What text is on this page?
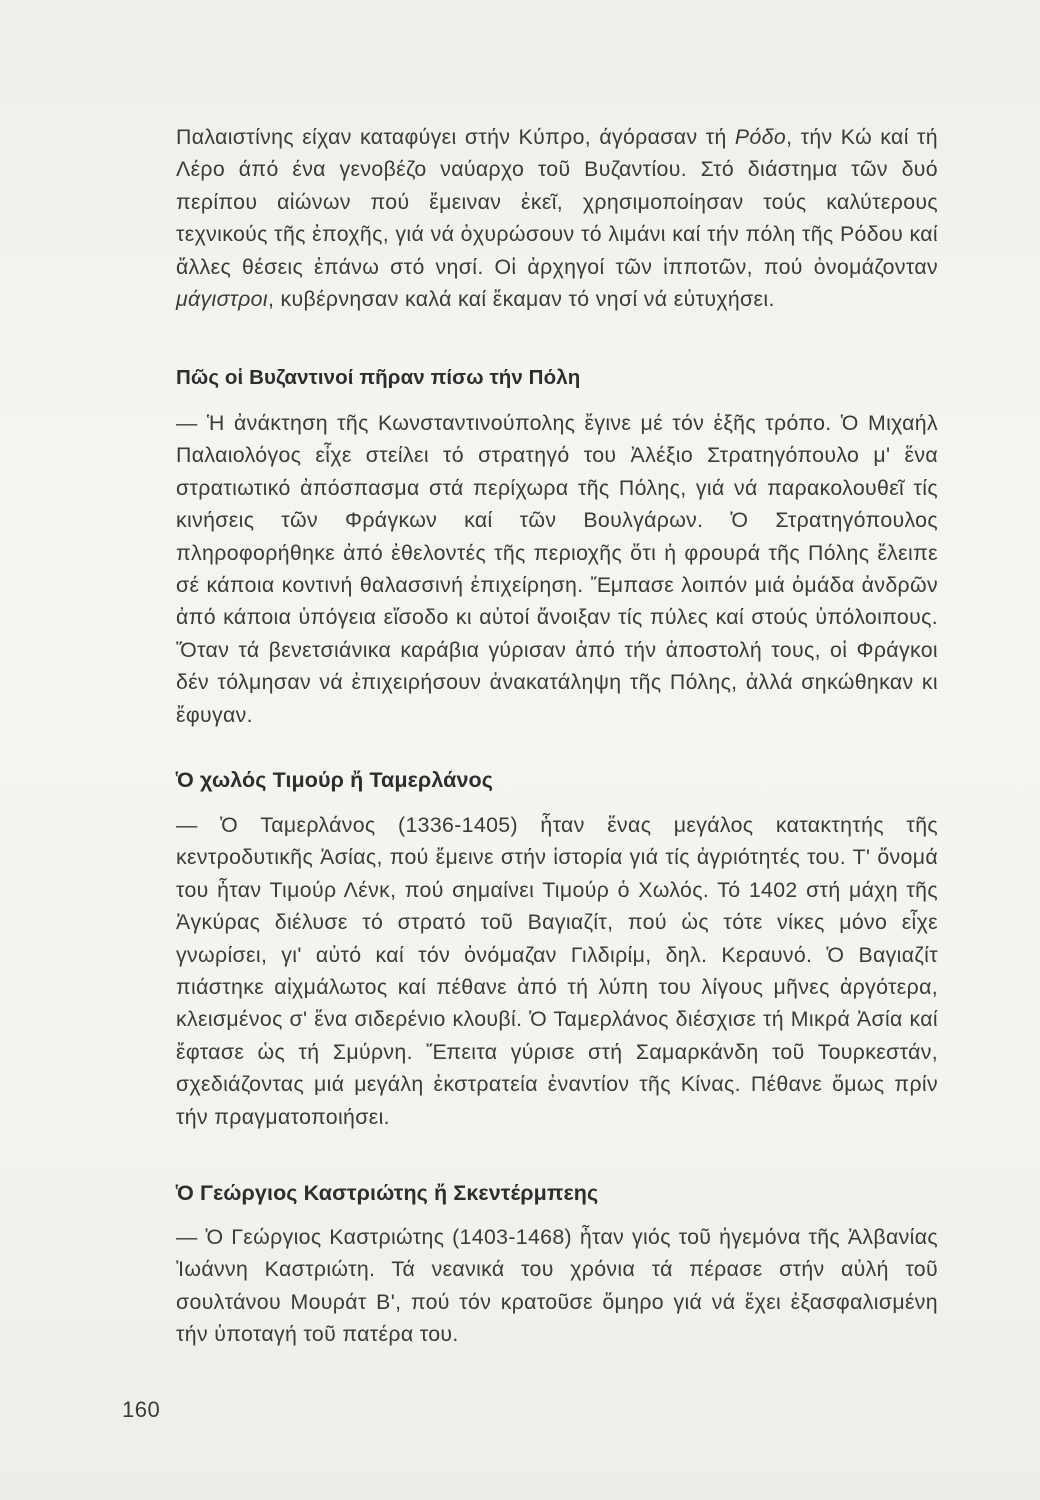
Παλαιστίνης είχαν καταφύγει στήν Κύπρο, άγόρασαν τή Ρόδο, τήν Κώ καί τή Λέρο άπό ένα γενοβέζο ναύαρχο τοῦ Βυζαντίου. Στό διάστημα τῶν δυό περίπου αἰώνων πού ἔμειναν ἐκεῖ, χρησιμοποίησαν τούς καλύτερους τεχνικούς τῆς ἐποχῆς, γιά νά ὀχυρώσουν τό λιμάνι καί τήν πόλη τῆς Ρόδου καί ἄλλες θέσεις ἐπάνω στό νησί. Οἱ ἀρχηγοί τῶν ἱπποτῶν, πού ὀνομάζονταν μάγιστροι, κυβέρνησαν καλά καί ἔκαμαν τό νησί νά εὐτυχήσει.

Πῶς οἱ Βυζαντινοί πῆραν πίσω τήν Πόλη

— Ἡ ἀνάκτηση τῆς Κωνσταντινούπολης ἔγινε μέ τόν ἑξῆς τρόπο. Ὁ Μιχαήλ Παλαιολόγος εἶχε στείλει τό στρατηγό του Ἀλέξιο Στρατηγόπουλο μ' ἕνα στρατιωτικό ἀπόσπασμα στά περίχωρα τῆς Πόλης, γιά νά παρακολουθεῖ τίς κινήσεις τῶν Φράγκων καί τῶν Βουλγάρων. Ὁ Στρατηγόπουλος πληροφορήθηκε ἀπό ἐθελοντές τῆς περιοχῆς ὅτι ἡ φρουρά τῆς Πόλης ἔλειπε σέ κάποια κοντινή θαλασσινή ἐπιχείρηση. Ἔμπασε λοιπόν μιά ὁμάδα ἀνδρῶν ἀπό κάποια ὑπόγεια εἴσοδο κι αὐτοί ἄνοιξαν τίς πύλες καί στούς ὑπόλοιπους. Ὅταν τά βενετσιάνικα καράβια γύρισαν ἀπό τήν ἀποστολή τους, οἱ Φράγκοι δέν τόλμησαν νά ἐπιχειρήσουν ἀνακατάληψη τῆς Πόλης, ἀλλά σηκώθηκαν κι ἔφυγαν.

Ὁ χωλός Τιμούρ ἤ Ταμερλάνος

— Ὁ Ταμερλάνος (1336-1405) ἦταν ἕνας μεγάλος κατακτητής τῆς κεντροδυτικῆς Ἀσίας, πού ἔμεινε στήν ἱστορία γιά τίς ἀγριότητές του. Τ' ὄνομά του ἦταν Τιμούρ Λένκ, πού σημαίνει Τιμούρ ὁ Χωλός. Τό 1402 στή μάχη τῆς Ἀγκύρας διέλυσε τό στρατό τοῦ Βαγιαζίτ, πού ὡς τότε νίκες μόνο εἶχε γνωρίσει, γι' αὐτό καί τόν ὀνόμαζαν Γιλδιρίμ, δηλ. Κεραυνό. Ὁ Βαγιαζίτ πιάστηκε αἰχμάλωτος καί πέθανε ἀπό τή λύπη του λίγους μῆνες ἀργότερα, κλεισμένος σ' ἕνα σιδερένιο κλουβί. Ὁ Ταμερλάνος διέσχισε τή Μικρά Ἀσία καί ἔφτασε ὡς τή Σμύρνη. Ἔπειτα γύρισε στή Σαμαρκάνδη τοῦ Τουρκεστάν, σχεδιάζοντας μιά μεγάλη ἐκστρατεία ἐναντίον τῆς Κίνας. Πέθανε ὅμως πρίν τήν πραγματοποιήσει.

Ὁ Γεώργιος Καστριώτης ἤ Σκεντέρμπεης

— Ὁ Γεώργιος Καστριώτης (1403-1468) ἦταν γιός τοῦ ἡγεμόνα τῆς Ἀλβανίας Ἰωάννη Καστριώτη. Τά νεανικά του χρόνια τά πέρασε στήν αὐλή τοῦ σουλτάνου Μουράτ Β', πού τόν κρατοῦσε ὅμηρο γιά νά ἔχει ἐξασφαλισμένη τήν ὑποταγή τοῦ πατέρα του.

160
